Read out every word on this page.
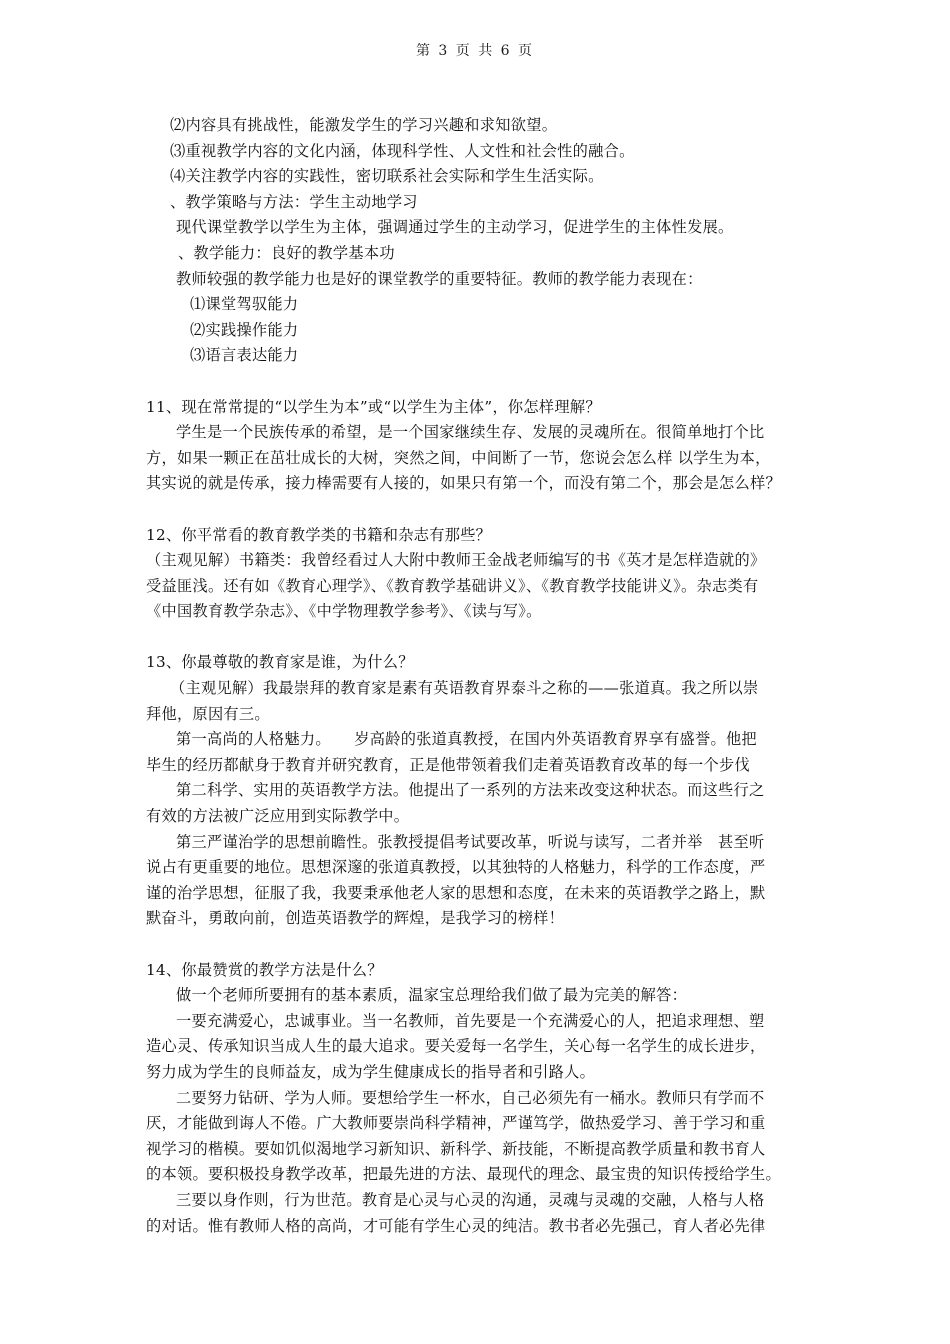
第 3 页 共 6 页
⑵内容具有挑战性，能激发学生的学习兴趣和求知欲望。
⑶重视教学内容的文化内涵，体现科学性、人文性和社会性的融合。
⑷关注教学内容的实践性，密切联系社会实际和学生生活实际。
、教学策略与方法：学生主动地学习
现代课堂教学以学生为主体，强调通过学生的主动学习，促进学生的主体性发展。
、教学能力：良好的教学基本功
教师较强的教学能力也是好的课堂教学的重要特征。教师的教学能力表现在：
⑴课堂驾驭能力
⑵实践操作能力
⑶语言表达能力
11、现在常常提的“以学生为本”或“以学生为主体”，你怎样理解？
学生是一个民族传承的希望，是一个国家继续生存、发展的灵魂所在。很简单地打个比
方，如果一颗正在茁壮成长的大树，突然之间，中间断了一节，您说会怎么样 以学生为本，
其实说的就是传承，接力棒需要有人接的，如果只有第一个，而没有第二个，那会是怎么样？
12、你平常看的教育教学类的书籍和杂志有那些？
（主观见解）书籍类：我曾经看过人大附中教师王金战老师编写的书《英才是怎样造就的》
受益匪浅。还有如《教育心理学》、《教育教学基础讲义》、《教育教学技能讲义》。杂志类有
《中国教育教学杂志》、《中学物理教学参考》、《读与写》。
13、你最尊敬的教育家是谁，为什么？
（主观见解）我最崇拜的教育家是素有英语教育界泰斗之称的——张道真。我之所以崇
拜他，原因有三。
第一高尚的人格魅力。　　岁高龄的张道真教授，在国内外英语教育界享有盛誉。他把
毕生的经历都献身于教育并研究教育，正是他带领着我们走着英语教育改革的每一个步伐
第二科学、实用的英语教学方法。他提出了一系列的方法来改变这种状态。而这些行之
有效的方法被广泛应用到实际教学中。
第三严谨治学的思想前瞻性。张教授提倡考试要改革，听说与读写，二者并举　甚至听
说占有更重要的地位。思想深邃的张道真教授，以其独特的人格魅力，科学的工作态度，严
谨的治学思想，征服了我，我要秉承他老人家的思想和态度，在未来的英语教学之路上，默
默奋斗，勇敢向前，创造英语教学的辉煌，是我学习的榜样！
14、你最赞赏的教学方法是什么？
做一个老师所要拥有的基本素质，温家宝总理给我们做了最为完美的解答：
一要充满爱心，忠诚事业。当一名教师，首先要是一个充满爱心的人，把追求理想、塑
造心灵、传承知识当成人生的最大追求。要关爱每一名学生，关心每一名学生的成长进步，
努力成为学生的良师益友，成为学生健康成长的指导者和引路人。
二要努力钻研、学为人师。要想给学生一杯水，自己必须先有一桶水。教师只有学而不
厌，才能做到诲人不倦。广大教师要崇尚科学精神，严谨笃学，做热爱学习、善于学习和重
视学习的楷模。要如饥似渴地学习新知识、新科学、新技能，不断提高教学质量和教书育人
的本领。要积极投身教学改革，把最先进的方法、最现代的理念、最宝贵的知识传授给学生。
三要以身作则，行为世范。教育是心灵与心灵的沟通，灵魂与灵魂的交融，人格与人格
的对话。惟有教师人格的高尚，才可能有学生心灵的纯洁。教书者必先强己，育人者必先律
